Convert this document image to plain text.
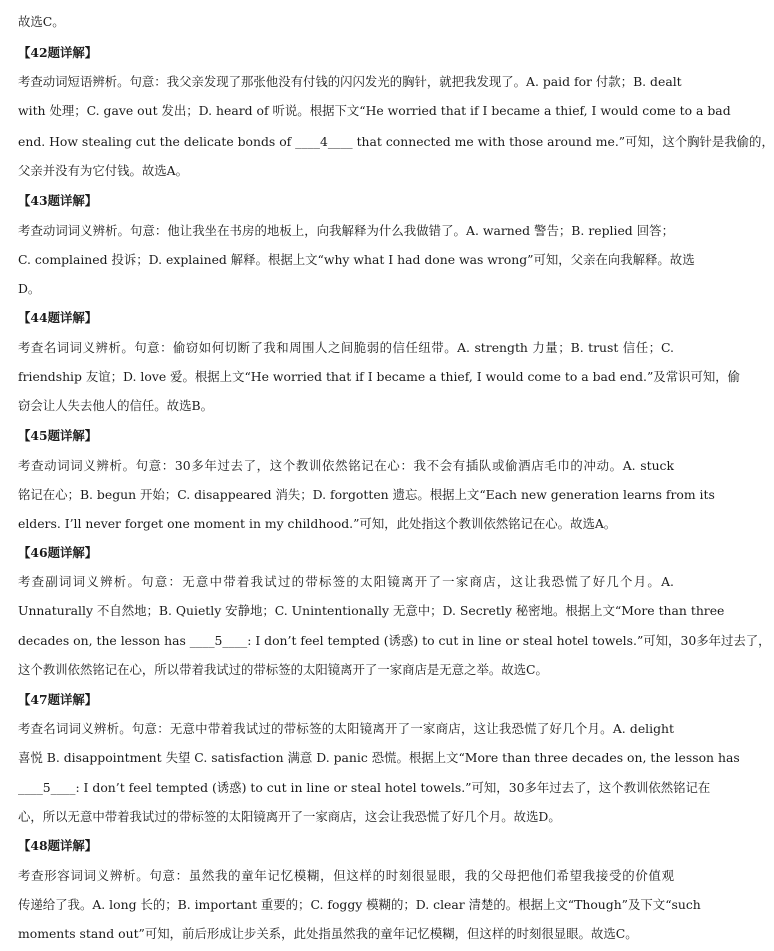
故选C。
【42题详解】
考查动词短语辨析。句意：我父亲发现了那张他没有付钱的闪闪发光的胸针，就把我发现了。A. paid for 付款；B. dealt
with 处理；C. gave out 发出；D. heard of 听说。根据下文“He worried that if I became a thief, I would come to a bad
end. How stealing cut the delicate bonds of ____4____ that connected me with those around me.”可知，这个胸针是我偷的，
父亲并没有为它付钱。故选A。
【43题详解】
考查动词词义辨析。句意：他让我坐在书房的地板上，向我解释为什么我做错了。A. warned 警告；B. replied 回答；
C. complained 投诉；D. explained 解释。根据上文“why what I had done was wrong”可知，父亲在向我解释。故选
D。
【44题详解】
考查名词词义辨析。句意：偷窃如何切断了我和周围人之间脆弱的信任纽带。A. strength 力量；B. trust 信任；C.
friendship 友谊；D. love 爱。根据上文“He worried that if I became a thief, I would come to a bad end.”及常识可知，偷
窃会让人失去他人的信任。故选B。
【45题详解】
考查动词词义辨析。句意：30多年过去了，这个教训依然铭记在心：我不会有插队或偷酒店毛巾的冲动。A. stuck
铭记在心；B. begun 开始；C. disappeared 消失；D. forgotten 遗忘。根据上文“Each new generation learns from its
elders. I’ll never forget one moment in my childhood.”可知，此处指这个教训依然铭记在心。故选A。
【46题详解】
考查副词词义辨析。句意：无意中带着我试过的带标签的太阳镜离开了一家商店，这让我恐慌了好几个月。A.
Unnaturally 不自然地；B. Quietly 安静地；C. Unintentionally 无意中；D. Secretly 秘密地。根据上文“More than three
decades on, the lesson has ____5____: I don’t feel tempted (诱惑) to cut in line or steal hotel towels.”可知，30多年过去了，
这个教训依然铭记在心，所以带着我试过的带标签的太阳镜离开了一家商店是无意之举。故选C。
【47题详解】
考查名词词义辨析。句意：无意中带着我试过的带标签的太阳镜离开了一家商店，这让我恐慌了好几个月。A. delight
喜悦 B. disappointment 失望 C. satisfaction 满意 D. panic 恐慌。根据上文“More than three decades on, the lesson has
____5____: I don’t feel tempted (诱惑) to cut in line or steal hotel towels.”可知，30多年过去了，这个教训依然铭记在
心，所以无意中带着我试过的带标签的太阳镜离开了一家商店，这会让我恐慌了好几个月。故选D。
【48题详解】
考查形容词词义辨析。句意：虽然我的童年记忆模糊，但这样的时刻很显眼，我的父母把他们希望我接受的价值观
传递给了我。A. long 长的；B. important 重要的；C. foggy 模糊的；D. clear 清楚的。根据上文“Though”及下文“such
moments stand out”可知，前后形成让步关系，此处指虽然我的童年记忆模糊，但这样的时刻很显眼。故选C。
